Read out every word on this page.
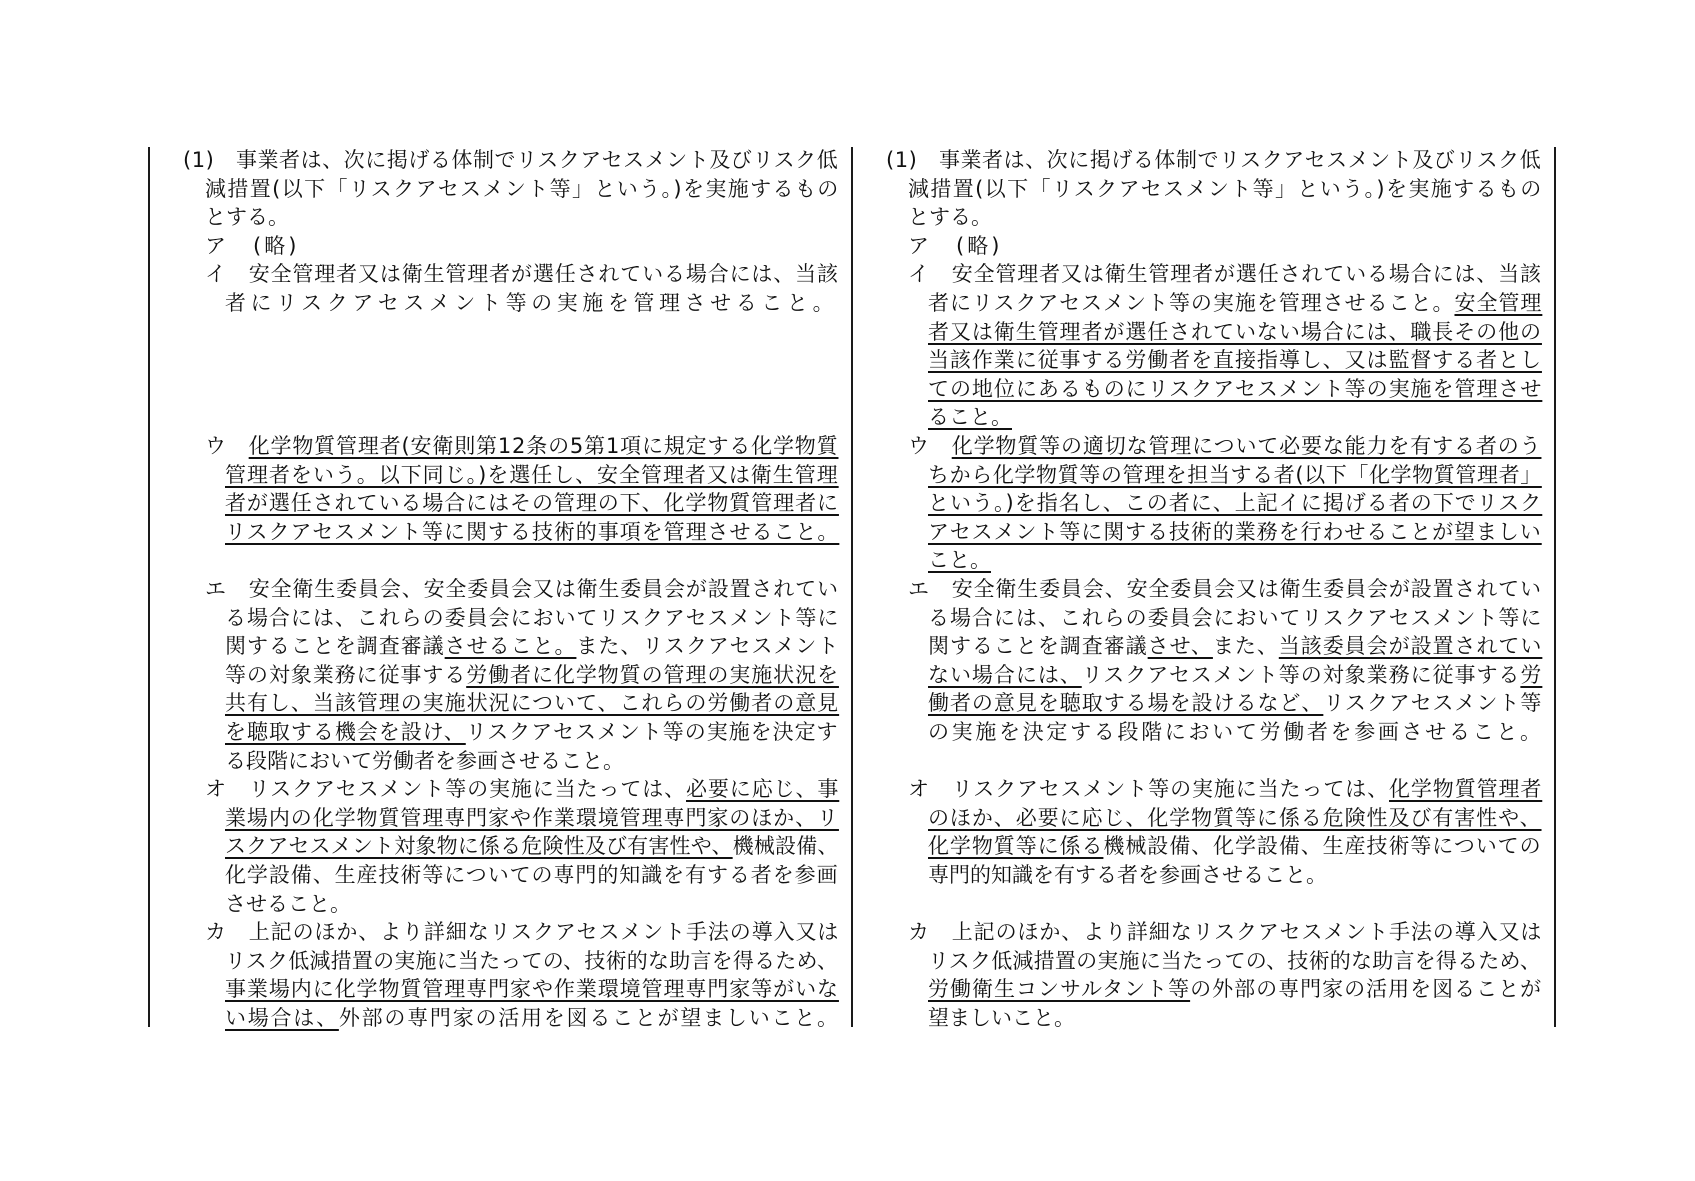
(1)　事業者は、次に掲げる体制でリスクアセスメント及びリスク低
減措置(以下「リスクアセスメント等」という。)を実施するもの
とする。
ア　(略)
イ　安全管理者又は衛生管理者が選任されている場合には、当該
者にリスクアセスメント等の実施を管理させること。
ウ　化学物質管理者(安衛則第12条の5第1項に規定する化学物質
管理者をいう。以下同じ。)を選任し、安全管理者又は衛生管理
者が選任されている場合にはその管理の下、化学物質管理者に
リスクアセスメント等に関する技術的事項を管理させること。
エ　安全衛生委員会、安全委員会又は衛生委員会が設置されてい
る場合には、これらの委員会においてリスクアセスメント等に
関することを調査審議させること。また、リスクアセスメント
等の対象業務に従事する労働者に化学物質の管理の実施状況を
共有し、当該管理の実施状況について、これらの労働者の意見
を聴取する機会を設け、リスクアセスメント等の実施を決定す
る段階において労働者を参画させること。
オ　リスクアセスメント等の実施に当たっては、必要に応じ、事
業場内の化学物質管理専門家や作業環境管理専門家のほか、リ
スクアセスメント対象物に係る危険性及び有害性や、機械設備、
化学設備、生産技術等についての専門的知識を有する者を参画
させること。
カ　上記のほか、より詳細なリスクアセスメント手法の導入又は
リスク低減措置の実施に当たっての、技術的な助言を得るため、
事業場内に化学物質管理専門家や作業環境管理専門家等がいな
い場合は、外部の専門家の活用を図ることが望ましいこと。
(1)　事業者は、次に掲げる体制でリスクアセスメント及びリスク低
減措置(以下「リスクアセスメント等」という。)を実施するもの
とする。
ア　(略)
イ　安全管理者又は衛生管理者が選任されている場合には、当該
者にリスクアセスメント等の実施を管理させること。安全管理
者又は衛生管理者が選任されていない場合には、職長その他の
当該作業に従事する労働者を直接指導し、又は監督する者とし
ての地位にあるものにリスクアセスメント等の実施を管理させ
ること。
ウ　化学物質等の適切な管理について必要な能力を有する者のう
ちから化学物質等の管理を担当する者(以下「化学物質管理者」
という。)を指名し、この者に、上記イに掲げる者の下でリスク
アセスメント等に関する技術的業務を行わせることが望ましい
こと。
エ　安全衛生委員会、安全委員会又は衛生委員会が設置されてい
る場合には、これらの委員会においてリスクアセスメント等に
関することを調査審議させ、また、当該委員会が設置されてい
ない場合には、リスクアセスメント等の対象業務に従事する労
働者の意見を聴取する場を設けるなど、リスクアセスメント等
の実施を決定する段階において労働者を参画させること。
オ　リスクアセスメント等の実施に当たっては、化学物質管理者
のほか、必要に応じ、化学物質等に係る危険性及び有害性や、
化学物質等に係る機械設備、化学設備、生産技術等についての
専門的知識を有する者を参画させること。
カ　上記のほか、より詳細なリスクアセスメント手法の導入又は
リスク低減措置の実施に当たっての、技術的な助言を得るため、
労働衛生コンサルタント等の外部の専門家の活用を図ることが
望ましいこと。
